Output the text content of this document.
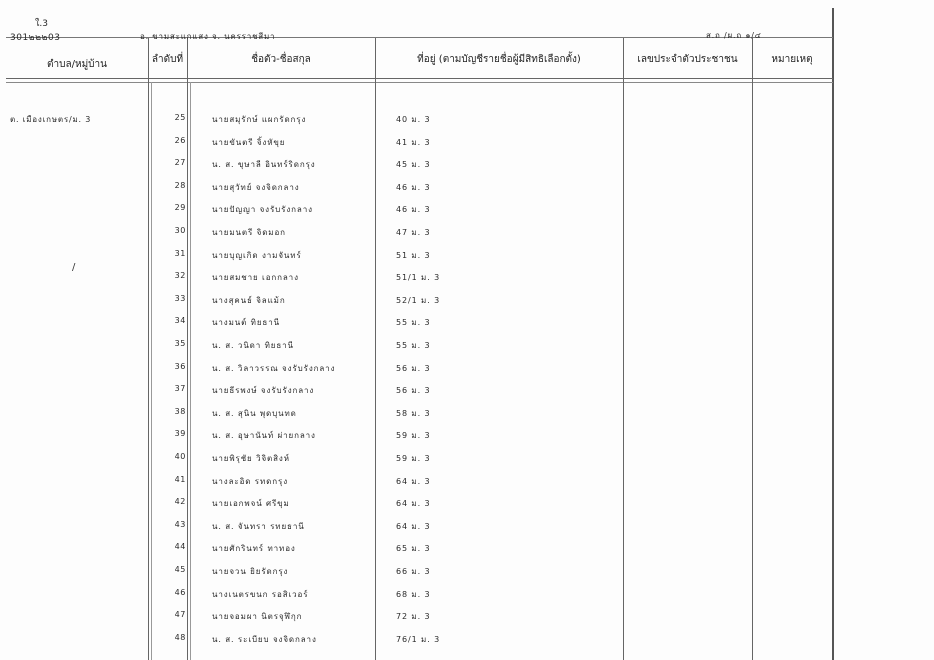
ใ.3
301๒๒๒03	อ. ขามสะแกแสง จ. นครราชสีมา	ส.ถ /ผ.ถ ๑/๔
ตำบล/หมู่บ้าน	ลำดับที่	ชื่อตัว-ชื่อสกุล	ที่อยู่ (ตามบัญชีรายชื่อผู้มีสิทธิเลือกตั้ง)	เลขประจำตัวประชาชน	หมายเหตุ
ต. เมืองเกษตร/ม. 3
/
25	นายสมุรักษ์ แผกรัดกรุง	40 ม. 3
26	นายขันตรี จิ้งหัขุย	41 ม. 3
27	น. ส. ขุษาลี อินทร์ริดกรุง	45 ม. 3
28	นายสุวัทย์ จงจิดกลาง	46 ม. 3
29	นายปัญญา จงรับรังกลาง	46 ม. 3
30	นายมนตรี จิดมอก	47 ม. 3
31	นายบุญเกิด งามจันทร์	51 ม. 3
32	นายสมชาย เอกกลาง	51/1 ม. 3
33	นางสุคนธ์ จิลแม้ก	52/1 ม. 3
34	นางมนต์ ทิยธานี	55 ม. 3
35	น. ส. วนิดา ทิยธานี	55 ม. 3
36	น. ส. วิลาวรรณ จงรับรังกลาง	56 ม. 3
37	นายธีรพงษ์ จงรับรังกลาง	56 ม. 3
38	น. ส. สุนิน พุดบุนทด	58 ม. 3
39	น. ส. อุษานันท์ ผ่ายกลาง	59 ม. 3
40	นายพิรุชัย วิจิตสิงห์	59 ม. 3
41	นางละอิด รทดกรุง	64 ม. 3
42	นายเอกพจน์ ศรีขุม	64 ม. 3
43	น. ส. จันทรา รทยธานี	64 ม. 3
44	นายศักรินทร์ ทาทอง	65 ม. 3
45	นายจวน ยิยรัดกรุง	66 ม. 3
46	นางเนตรขนก รอสิเวอร์	68 ม. 3
47	นายจอมผา นิตรจุฬิกุก	72 ม. 3
48	น. ส. ระเบียบ จงจิดกลาง	76/1 ม. 3
